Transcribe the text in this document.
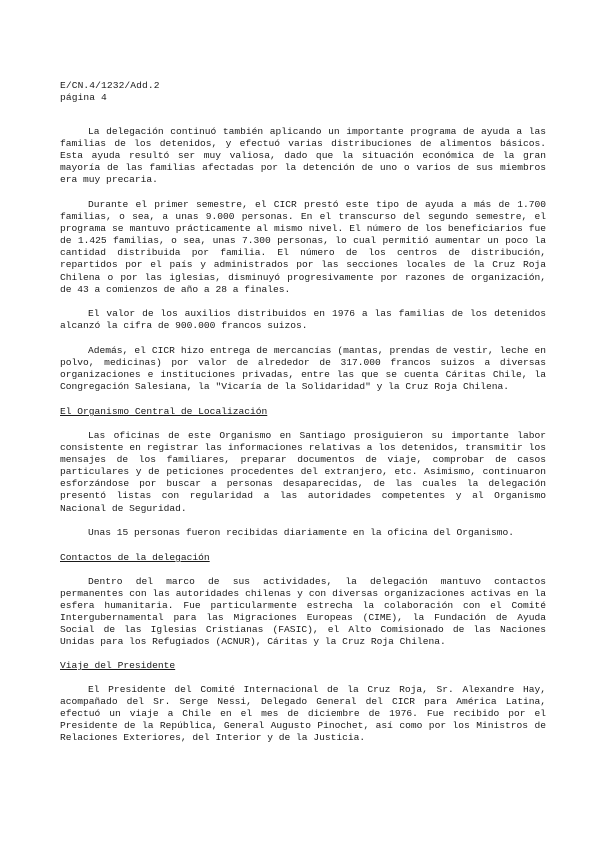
E/CN.4/1232/Add.2
página 4

La delegación continuó también aplicando un importante programa de ayuda a las familias de los detenidos, y efectuó varias distribuciones de alimentos básicos. Esta ayuda resultó ser muy valiosa, dado que la situación económica de la gran mayoría de las familias afectadas por la detención de uno o varios de sus miembros era muy precaria.

Durante el primer semestre, el CICR prestó este tipo de ayuda a más de 1.700 familias, o sea, a unas 9.000 personas. En el transcurso del segundo semestre, el programa se mantuvo prácticamente al mismo nivel. El número de los beneficiarios fue de 1.425 familias, o sea, unas 7.300 personas, lo cual permitió aumentar un poco la cantidad distribuida por familia. El número de los centros de distribución, repartidos por el país y administrados por las secciones locales de la Cruz Roja Chilena o por las iglesias, disminuyó progresivamente por razones de organización, de 43 a comienzos de año a 28 a finales.

El valor de los auxilios distribuidos en 1976 a las familias de los detenidos alcanzó la cifra de 900.000 francos suizos.

Además, el CICR hizo entrega de mercancías (mantas, prendas de vestir, leche en polvo, medicinas) por valor de alrededor de 317.000 francos suizos a diversas organizaciones e instituciones privadas, entre las que se cuenta Cáritas Chile, la Congregación Salesiana, la "Vicaría de la Solidaridad" y la Cruz Roja Chilena.

El Organismo Central de Localización

Las oficinas de este Organismo en Santiago prosiguieron su importante labor consistente en registrar las informaciones relativas a los detenidos, transmitir los mensajes de los familiares, preparar documentos de viaje, comprobar de casos particulares y de peticiones procedentes del extranjero, etc. Asimismo, continuaron esforzándose por buscar a personas desaparecidas, de las cuales la delegación presentó listas con regularidad a las autoridades competentes y al Organismo Nacional de Seguridad.

Unas 15 personas fueron recibidas diariamente en la oficina del Organismo.

Contactos de la delegación

Dentro del marco de sus actividades, la delegación mantuvo contactos permanentes con las autoridades chilenas y con diversas organizaciones activas en la esfera humanitaria. Fue particularmente estrecha la colaboración con el Comité Intergubernamental para las Migraciones Europeas (CIME), la Fundación de Ayuda Social de las Iglesias Cristianas (FASIC), el Alto Comisionado de las Naciones Unidas para los Refugiados (ACNUR), Cáritas y la Cruz Roja Chilena.

Viaje del Presidente

El Presidente del Comité Internacional de la Cruz Roja, Sr. Alexandre Hay, acompañado del Sr. Serge Nessi, Delegado General del CICR para América Latina, efectuó un viaje a Chile en el mes de diciembre de 1976. Fue recibido por el Presidente de la República, General Augusto Pinochet, así como por los Ministros de Relaciones Exteriores, del Interior y de la Justicia.
